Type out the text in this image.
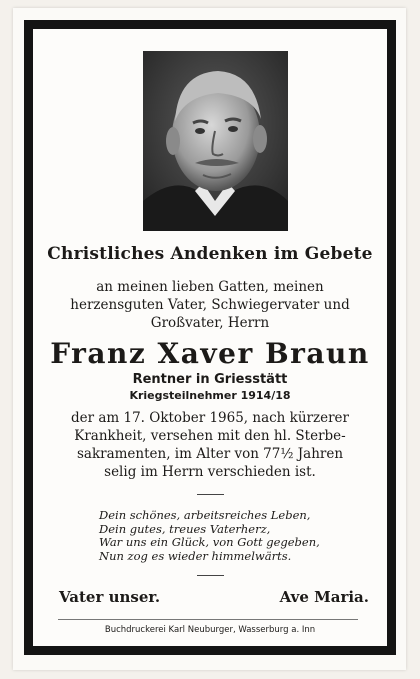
Christliches Andenken im Gebete
an meinen lieben Gatten, meinen
herzensguten Vater, Schwiegervater und
Großvater, Herrn
Franz Xaver Braun
Rentner in Griesstätt
Kriegsteilnehmer 1914/18
der am 17. Oktober 1965, nach kürzerer
Krankheit, versehen mit den hl. Sterbe-
sakramenten, im Alter von 77½ Jahren
selig im Herrn verschieden ist.
Dein schönes, arbeitsreiches Leben,
Dein gutes, treues Vaterherz,
War uns ein Glück, von Gott gegeben,
Nun zog es wieder himmelwärts.
Vater unser.	Ave Maria.
Buchdruckerei Karl Neuburger, Wasserburg a. Inn
